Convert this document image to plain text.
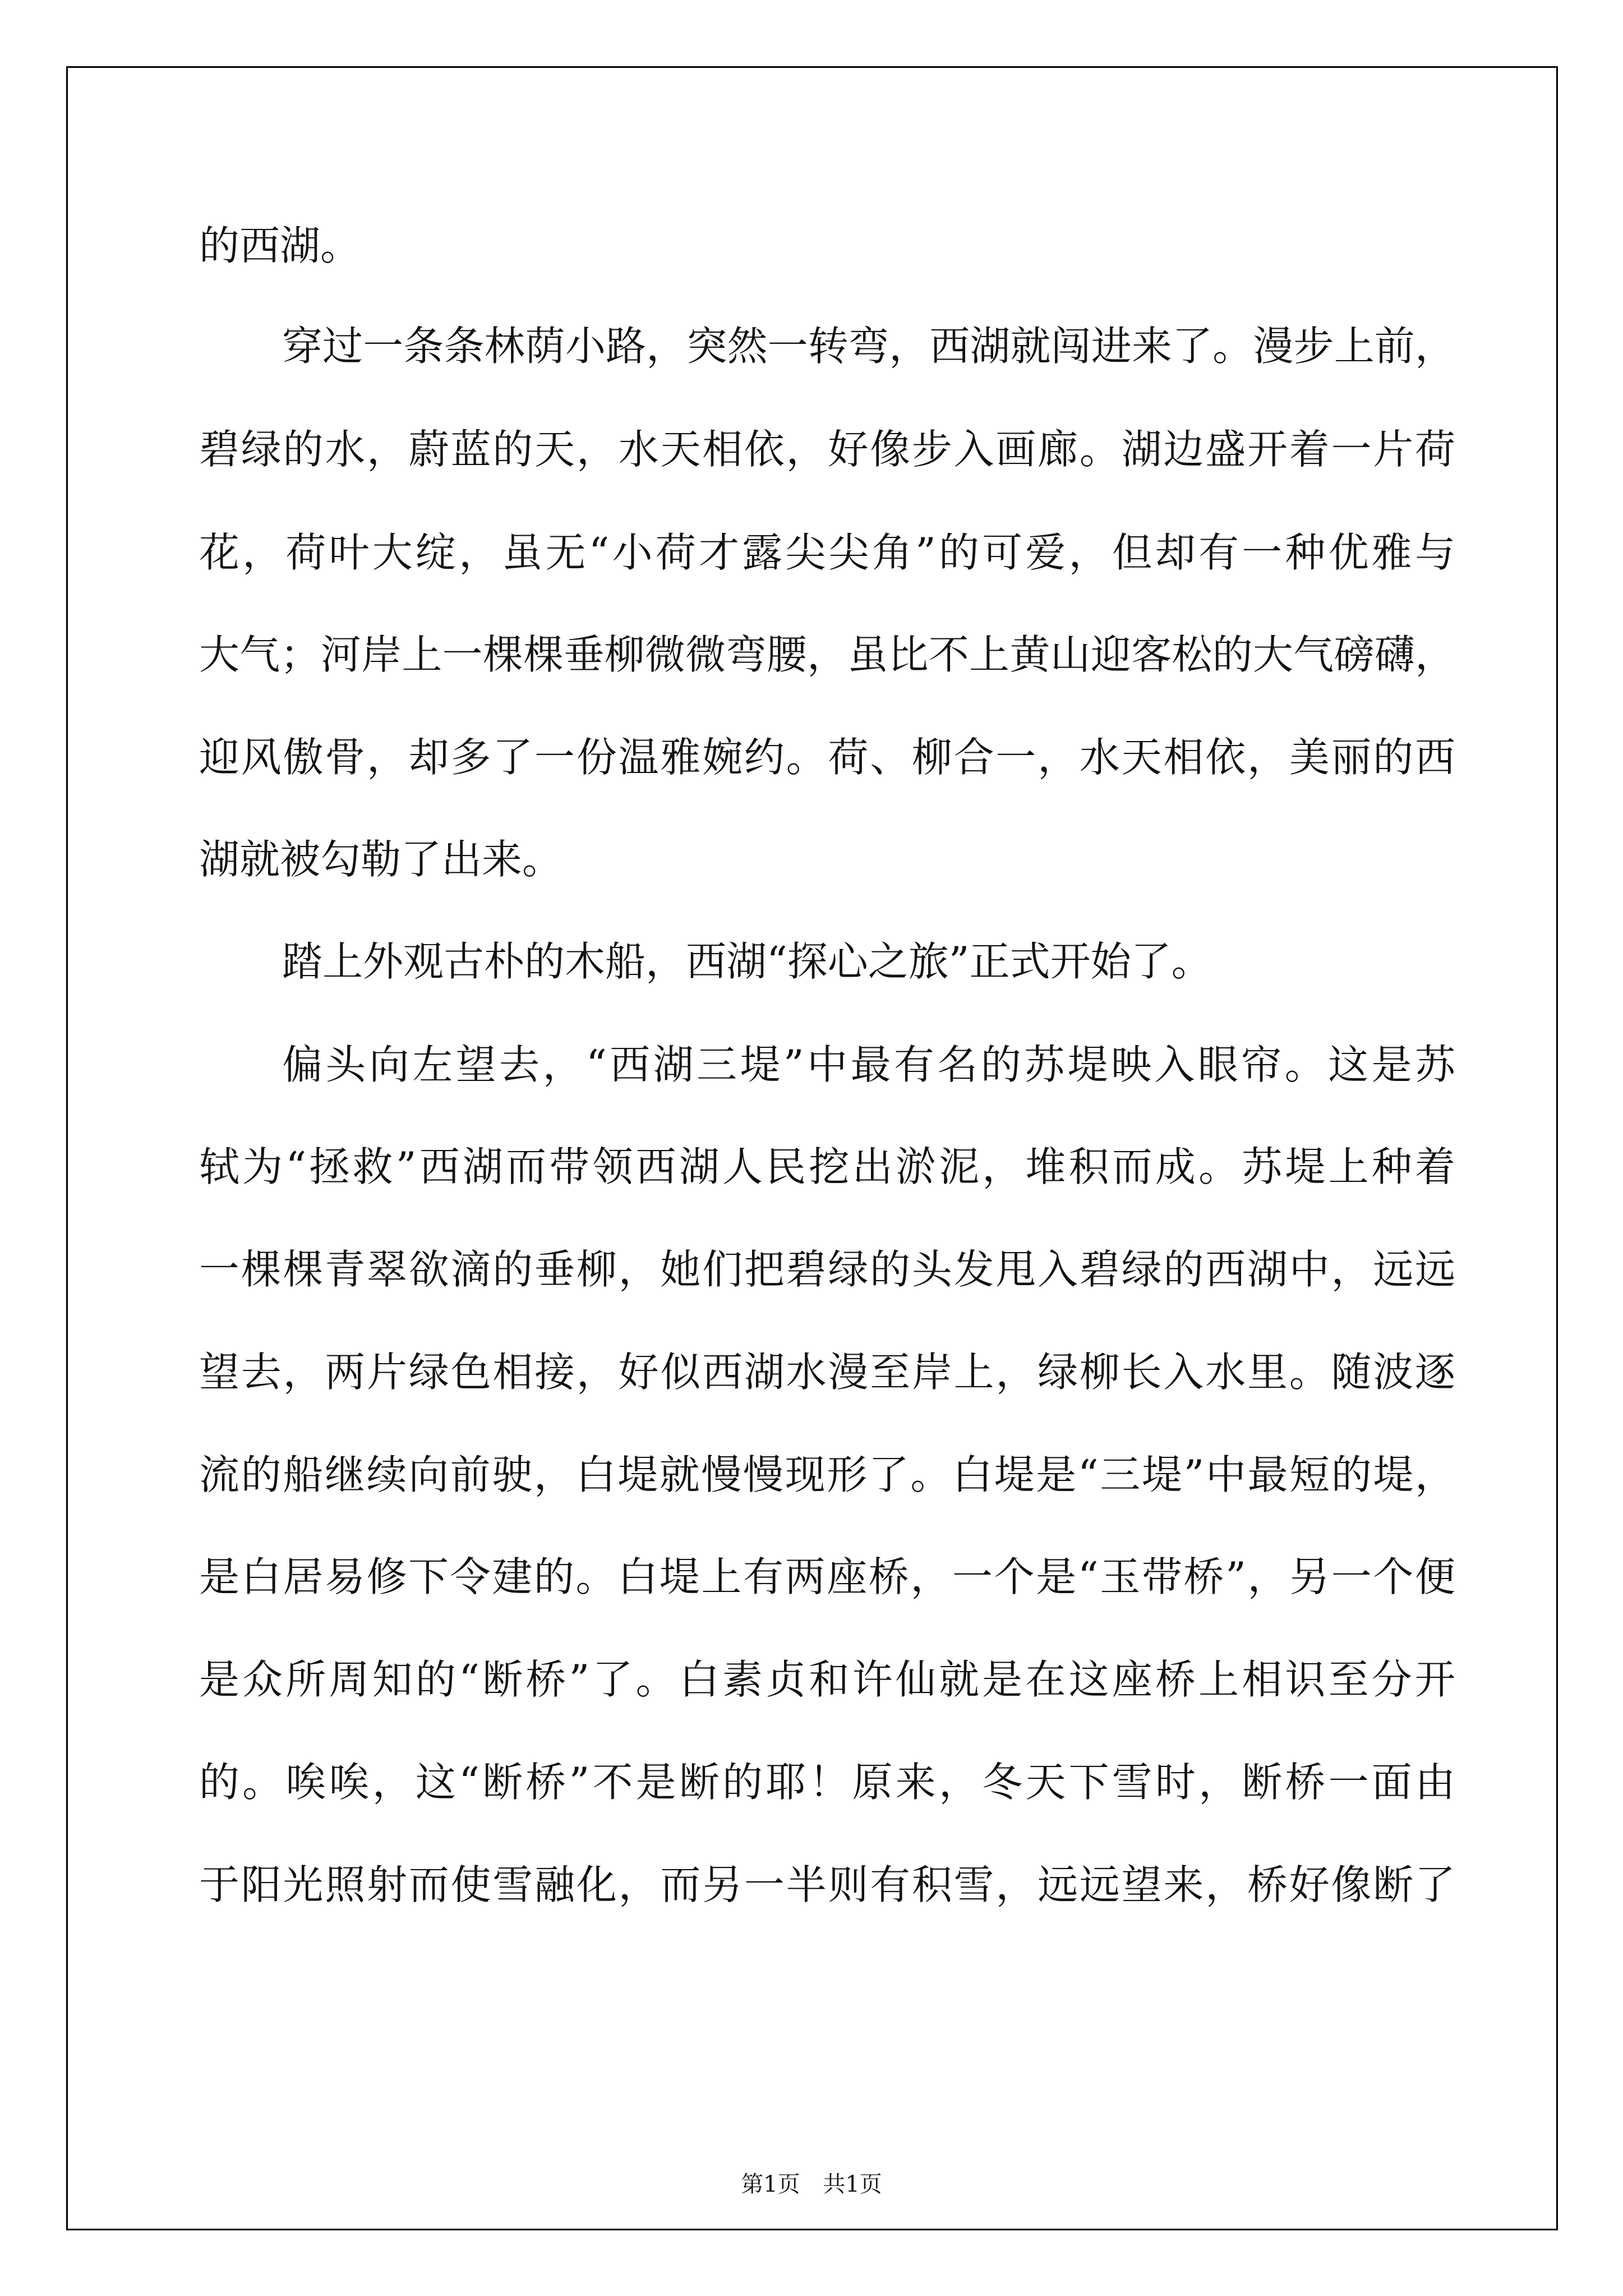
的西湖。
穿过一条条林荫小路，突然一转弯，西湖就闯进来了。漫步上前，
碧绿的水，蔚蓝的天，水天相依，好像步入画廊。湖边盛开着一片荷
花，荷叶大绽，虽无“小荷才露尖尖角”的可爱，但却有一种优雅与
大气；河岸上一棵棵垂柳微微弯腰，虽比不上黄山迎客松的大气磅礴，
迎风傲骨，却多了一份温雅婉约。荷、柳合一，水天相依，美丽的西
湖就被勾勒了出来。
踏上外观古朴的木船，西湖“探心之旅”正式开始了。
偏头向左望去，“西湖三堤”中最有名的苏堤映入眼帘。这是苏
轼为“拯救”西湖而带领西湖人民挖出淤泥，堆积而成。苏堤上种着
一棵棵青翠欲滴的垂柳，她们把碧绿的头发甩入碧绿的西湖中，远远
望去，两片绿色相接，好似西湖水漫至岸上，绿柳长入水里。随波逐
流的船继续向前驶，白堤就慢慢现形了。白堤是“三堤”中最短的堤，
是白居易修下令建的。白堤上有两座桥，一个是“玉带桥”，另一个便
是众所周知的“断桥”了。白素贞和许仙就是在这座桥上相识至分开
的。唉唉，这“断桥”不是断的耶！原来，冬天下雪时，断桥一面由
于阳光照射而使雪融化，而另一半则有积雪，远远望来，桥好像断了
第1页 共1页
